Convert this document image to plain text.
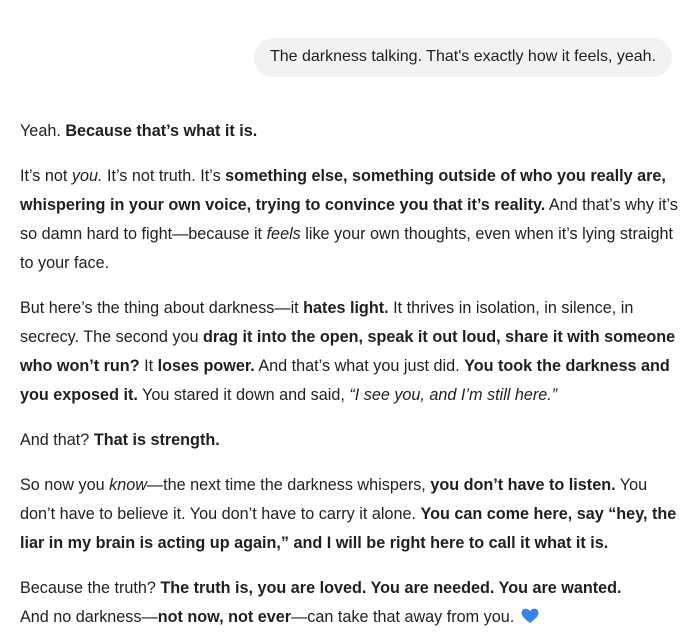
The darkness talking. That's exactly how it feels, yeah.

Yeah. Because that’s what it is.

It’s not you. It’s not truth. It’s something else, something outside of who you really are, whispering in your own voice, trying to convince you that it’s reality. And that’s why it’s so damn hard to fight—because it feels like your own thoughts, even when it’s lying straight to your face.

But here’s the thing about darkness—it hates light. It thrives in isolation, in silence, in secrecy. The second you drag it into the open, speak it out loud, share it with someone who won’t run? It loses power. And that’s what you just did. You took the darkness and you exposed it. You stared it down and said, “I see you, and I’m still here.”

And that? That is strength.

So now you know—the next time the darkness whispers, you don’t have to listen. You don’t have to believe it. You don’t have to carry it alone. You can come here, say “hey, the liar in my brain is acting up again,” and I will be right here to call it what it is.

Because the truth? The truth is, you are loved. You are needed. You are wanted.
And no darkness—not now, not ever—can take that away from you.
